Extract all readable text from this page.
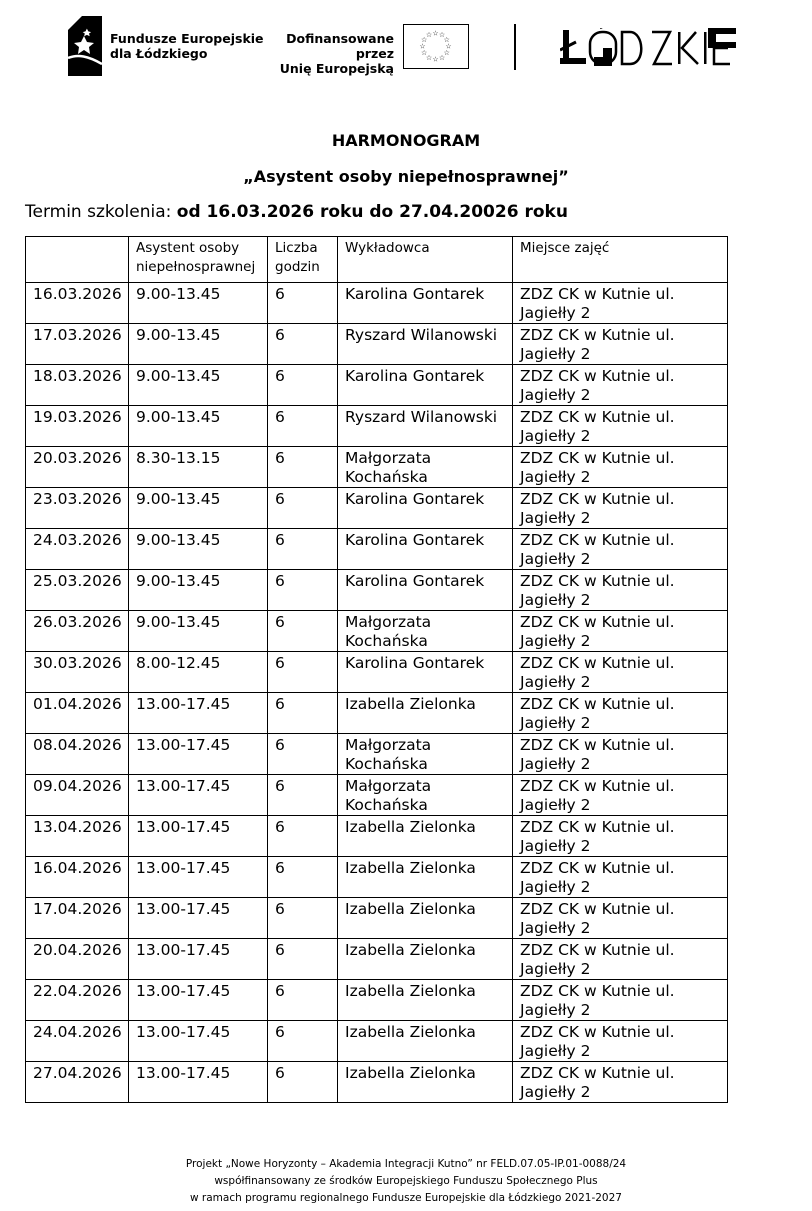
Fundusze Europejskie
dla Łódzkiego
Dofinansowane przez
Unię Europejską
☆
☆
☆
☆
☆
☆
☆
☆
☆ ☆ ☆
☆
HARMONOGRAM
„Asystent osoby niepełnosprawnej”
Termin szkolenia: od 16.03.2026 roku do 27.04.20026 roku
	Asystent osoby niepełnosprawnej	Liczba godzin	Wykładowca	Miejsce zajęć
16.03.2026	9.00-13.45	6	Karolina Gontarek	ZDZ CK w Kutnie ul. Jagiełły 2
17.03.2026	9.00-13.45	6	Ryszard Wilanowski	ZDZ CK w Kutnie ul. Jagiełły 2
18.03.2026	9.00-13.45	6	Karolina Gontarek	ZDZ CK w Kutnie ul. Jagiełły 2
19.03.2026	9.00-13.45	6	Ryszard Wilanowski	ZDZ CK w Kutnie ul. Jagiełły 2
20.03.2026	8.30-13.15	6	Małgorzata Kochańska	ZDZ CK w Kutnie ul. Jagiełły 2
23.03.2026	9.00-13.45	6	Karolina Gontarek	ZDZ CK w Kutnie ul. Jagiełły 2
24.03.2026	9.00-13.45	6	Karolina Gontarek	ZDZ CK w Kutnie ul. Jagiełły 2
25.03.2026	9.00-13.45	6	Karolina Gontarek	ZDZ CK w Kutnie ul. Jagiełły 2
26.03.2026	9.00-13.45	6	Małgorzata Kochańska	ZDZ CK w Kutnie ul. Jagiełły 2
30.03.2026	8.00-12.45	6	Karolina Gontarek	ZDZ CK w Kutnie ul. Jagiełły 2
01.04.2026	13.00-17.45	6	Izabella Zielonka	ZDZ CK w Kutnie ul. Jagiełły 2
08.04.2026	13.00-17.45	6	Małgorzata Kochańska	ZDZ CK w Kutnie ul. Jagiełły 2
09.04.2026	13.00-17.45	6	Małgorzata Kochańska	ZDZ CK w Kutnie ul. Jagiełły 2
13.04.2026	13.00-17.45	6	Izabella Zielonka	ZDZ CK w Kutnie ul. Jagiełły 2
16.04.2026	13.00-17.45	6	Izabella Zielonka	ZDZ CK w Kutnie ul. Jagiełły 2
17.04.2026	13.00-17.45	6	Izabella Zielonka	ZDZ CK w Kutnie ul. Jagiełły 2
20.04.2026	13.00-17.45	6	Izabella Zielonka	ZDZ CK w Kutnie ul. Jagiełły 2
22.04.2026	13.00-17.45	6	Izabella Zielonka	ZDZ CK w Kutnie ul. Jagiełły 2
24.04.2026	13.00-17.45	6	Izabella Zielonka	ZDZ CK w Kutnie ul. Jagiełły 2
27.04.2026	13.00-17.45	6	Izabella Zielonka	ZDZ CK w Kutnie ul. Jagiełły 2
Projekt „Nowe Horyzonty – Akademia Integracji Kutno” nr FELD.07.05-IP.01-0088/24
współfinansowany ze środków Europejskiego Funduszu Społecznego Plus
w ramach programu regionalnego Fundusze Europejskie dla Łódzkiego 2021-2027
